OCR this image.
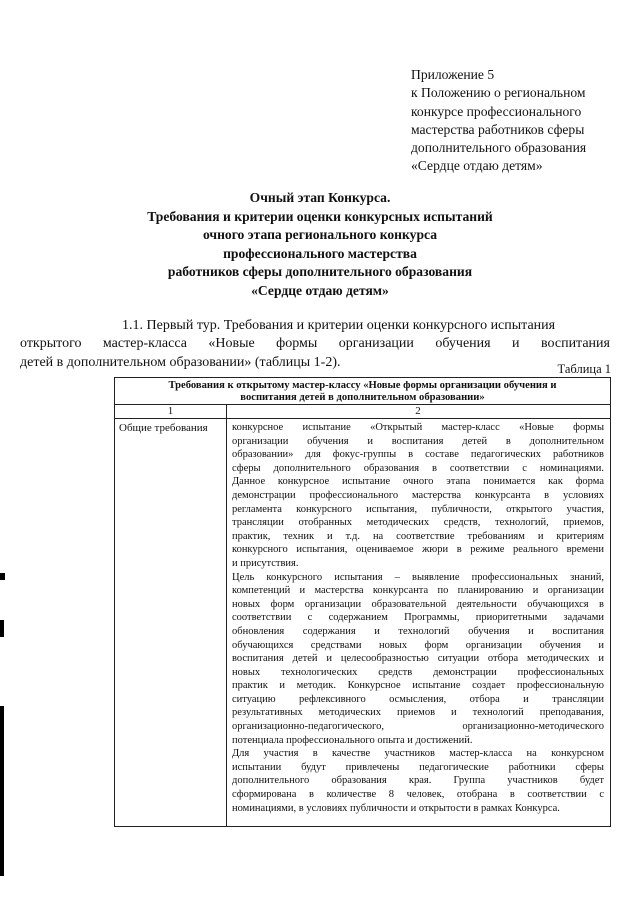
Приложение 5
к Положению о региональном
конкурсе профессионального
мастерства работников сферы
дополнительного образования
«Сердце отдаю детям»
Очный этап Конкурса.
Требования и критерии оценки конкурсных испытаний
очного этапа регионального конкурса
профессионального мастерства
работников сферы дополнительного образования
«Сердце отдаю детям»
1.1. Первый тур. Требования и критерии оценки конкурсного испытания
открытого мастер-класса «Новые формы организации обучения и воспитания
детей в дополнительном образовании» (таблицы 1-2).	Таблица 1
Требования к открытому мастер-классу «Новые формы организации обучения и
воспитания детей в дополнительном образовании»
1	2
Общие требования конкурсное испытание «Открытый мастер-класс «Новые формы
организации обучения и воспитания детей в дополнительном
образовании» для фокус-группы в составе педагогических работников
сферы дополнительного образования в соответствии с номинациями.
Данное конкурсное испытание очного этапа понимается как форма
демонстрации профессионального мастерства конкурсанта в условиях
регламента конкурсного испытания, публичности, открытого участия,
трансляции отобранных методических средств, технологий, приемов,
практик, техник и т.д. на соответствие требованиям и критериям
конкурсного испытания, оцениваемое жюри в режиме реального времени
и присутствия.
Цель конкурсного испытания – выявление профессиональных знаний,
компетенций и мастерства конкурсанта по планированию и организации
новых форм организации образовательной деятельности обучающихся в
соответствии с содержанием Программы, приоритетными задачами
обновления содержания и технологий обучения и воспитания
обучающихся средствами новых форм организации обучения и
воспитания детей и целесообразностью ситуации отбора методических и
новых технологических средств демонстрации профессиональных
практик и методик. Конкурсное испытание создает профессиональную
ситуацию рефлексивного осмысления, отбора и трансляции
результативных методических приемов и технологий преподавания,
организационно-педагогического, организационно-методического
потенциала профессионального опыта и достижений.
Для участия в качестве участников мастер-класса на конкурсном
испытании будут привлечены педагогические работники сферы
дополнительного образования края. Группа участников будет
сформирована в количестве 8 человек, отобрана в соответствии с
номинациями, в условиях публичности и открытости в рамках Конкурса.
